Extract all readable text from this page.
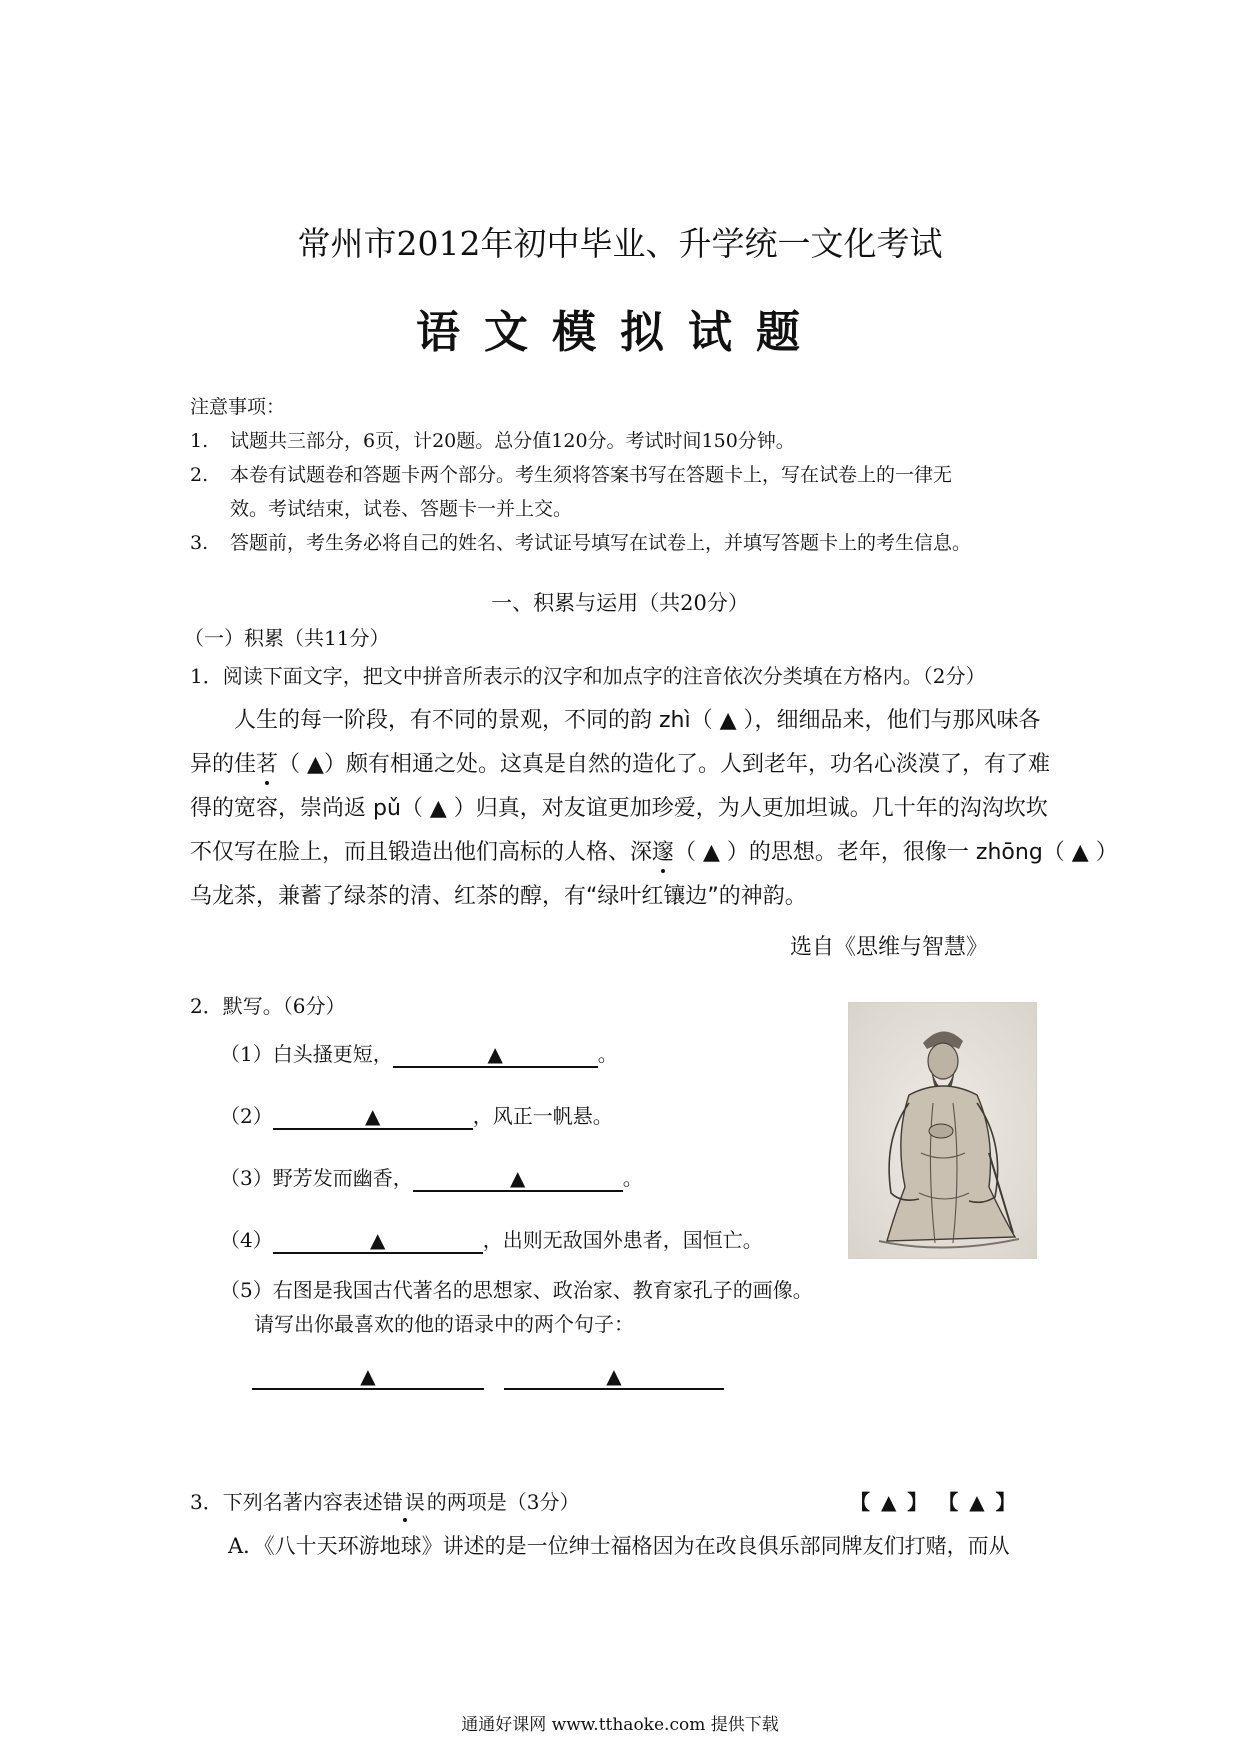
常州市2012年初中毕业、升学统一文化考试
语文模拟试题
注意事项：
1. 试题共三部分，6页，计20题。总分值120分。考试时间150分钟。
2. 本卷有试题卷和答题卡两个部分。考生须将答案书写在答题卡上，写在试卷上的一律无
效。考试结束，试卷、答题卡一并上交。
3. 答题前，考生务必将自己的姓名、考试证号填写在试卷上，并填写答题卡上的考生信息。
一、积累与运用（共20分）
（一）积累（共11分）
1．阅读下面文字，把文中拼音所表示的汉字和加点字的注音依次分类填在方格内。（2分）
　　人生的每一阶段，有不同的景观，不同的韵 zhì（ ▲ ），细细品来，他们与那风味各
异的佳茗（ ▲）颇有相通之处。这真是自然的造化了。人到老年，功名心淡漠了，有了难
得的宽容，崇尚返 pǔ（ ▲ ）归真，对友谊更加珍爱，为人更加坦诚。几十年的沟沟坎坎
不仅写在脸上，而且锻造出他们高标的人格、深邃（ ▲ ）的思想。老年，很像一 zhōng（ ▲ ）
乌龙茶，兼蓄了绿茶的清、红茶的醇，有“绿叶红镶边”的神韵。
选自《思维与智慧》
2．默写。（6分）
（1）白头搔更短，	▲	。
（2）	▲	，风正一帆悬。
（3）野芳发而幽香，	▲	。
（4）	▲	，出则无敌国外患者，国恒亡。
（5）右图是我国古代著名的思想家、政治家、教育家孔子的画像。
请写出你最喜欢的他的语录中的两个句子：
▲	▲
3．下列名著内容表述错误的两项是（3分）	【 ▲ 】 【 ▲ 】
A．《八十天环游地球》讲述的是一位绅士福格因为在改良俱乐部同牌友们打赌，而从
通通好课网 www.tthaoke.com 提供下载
